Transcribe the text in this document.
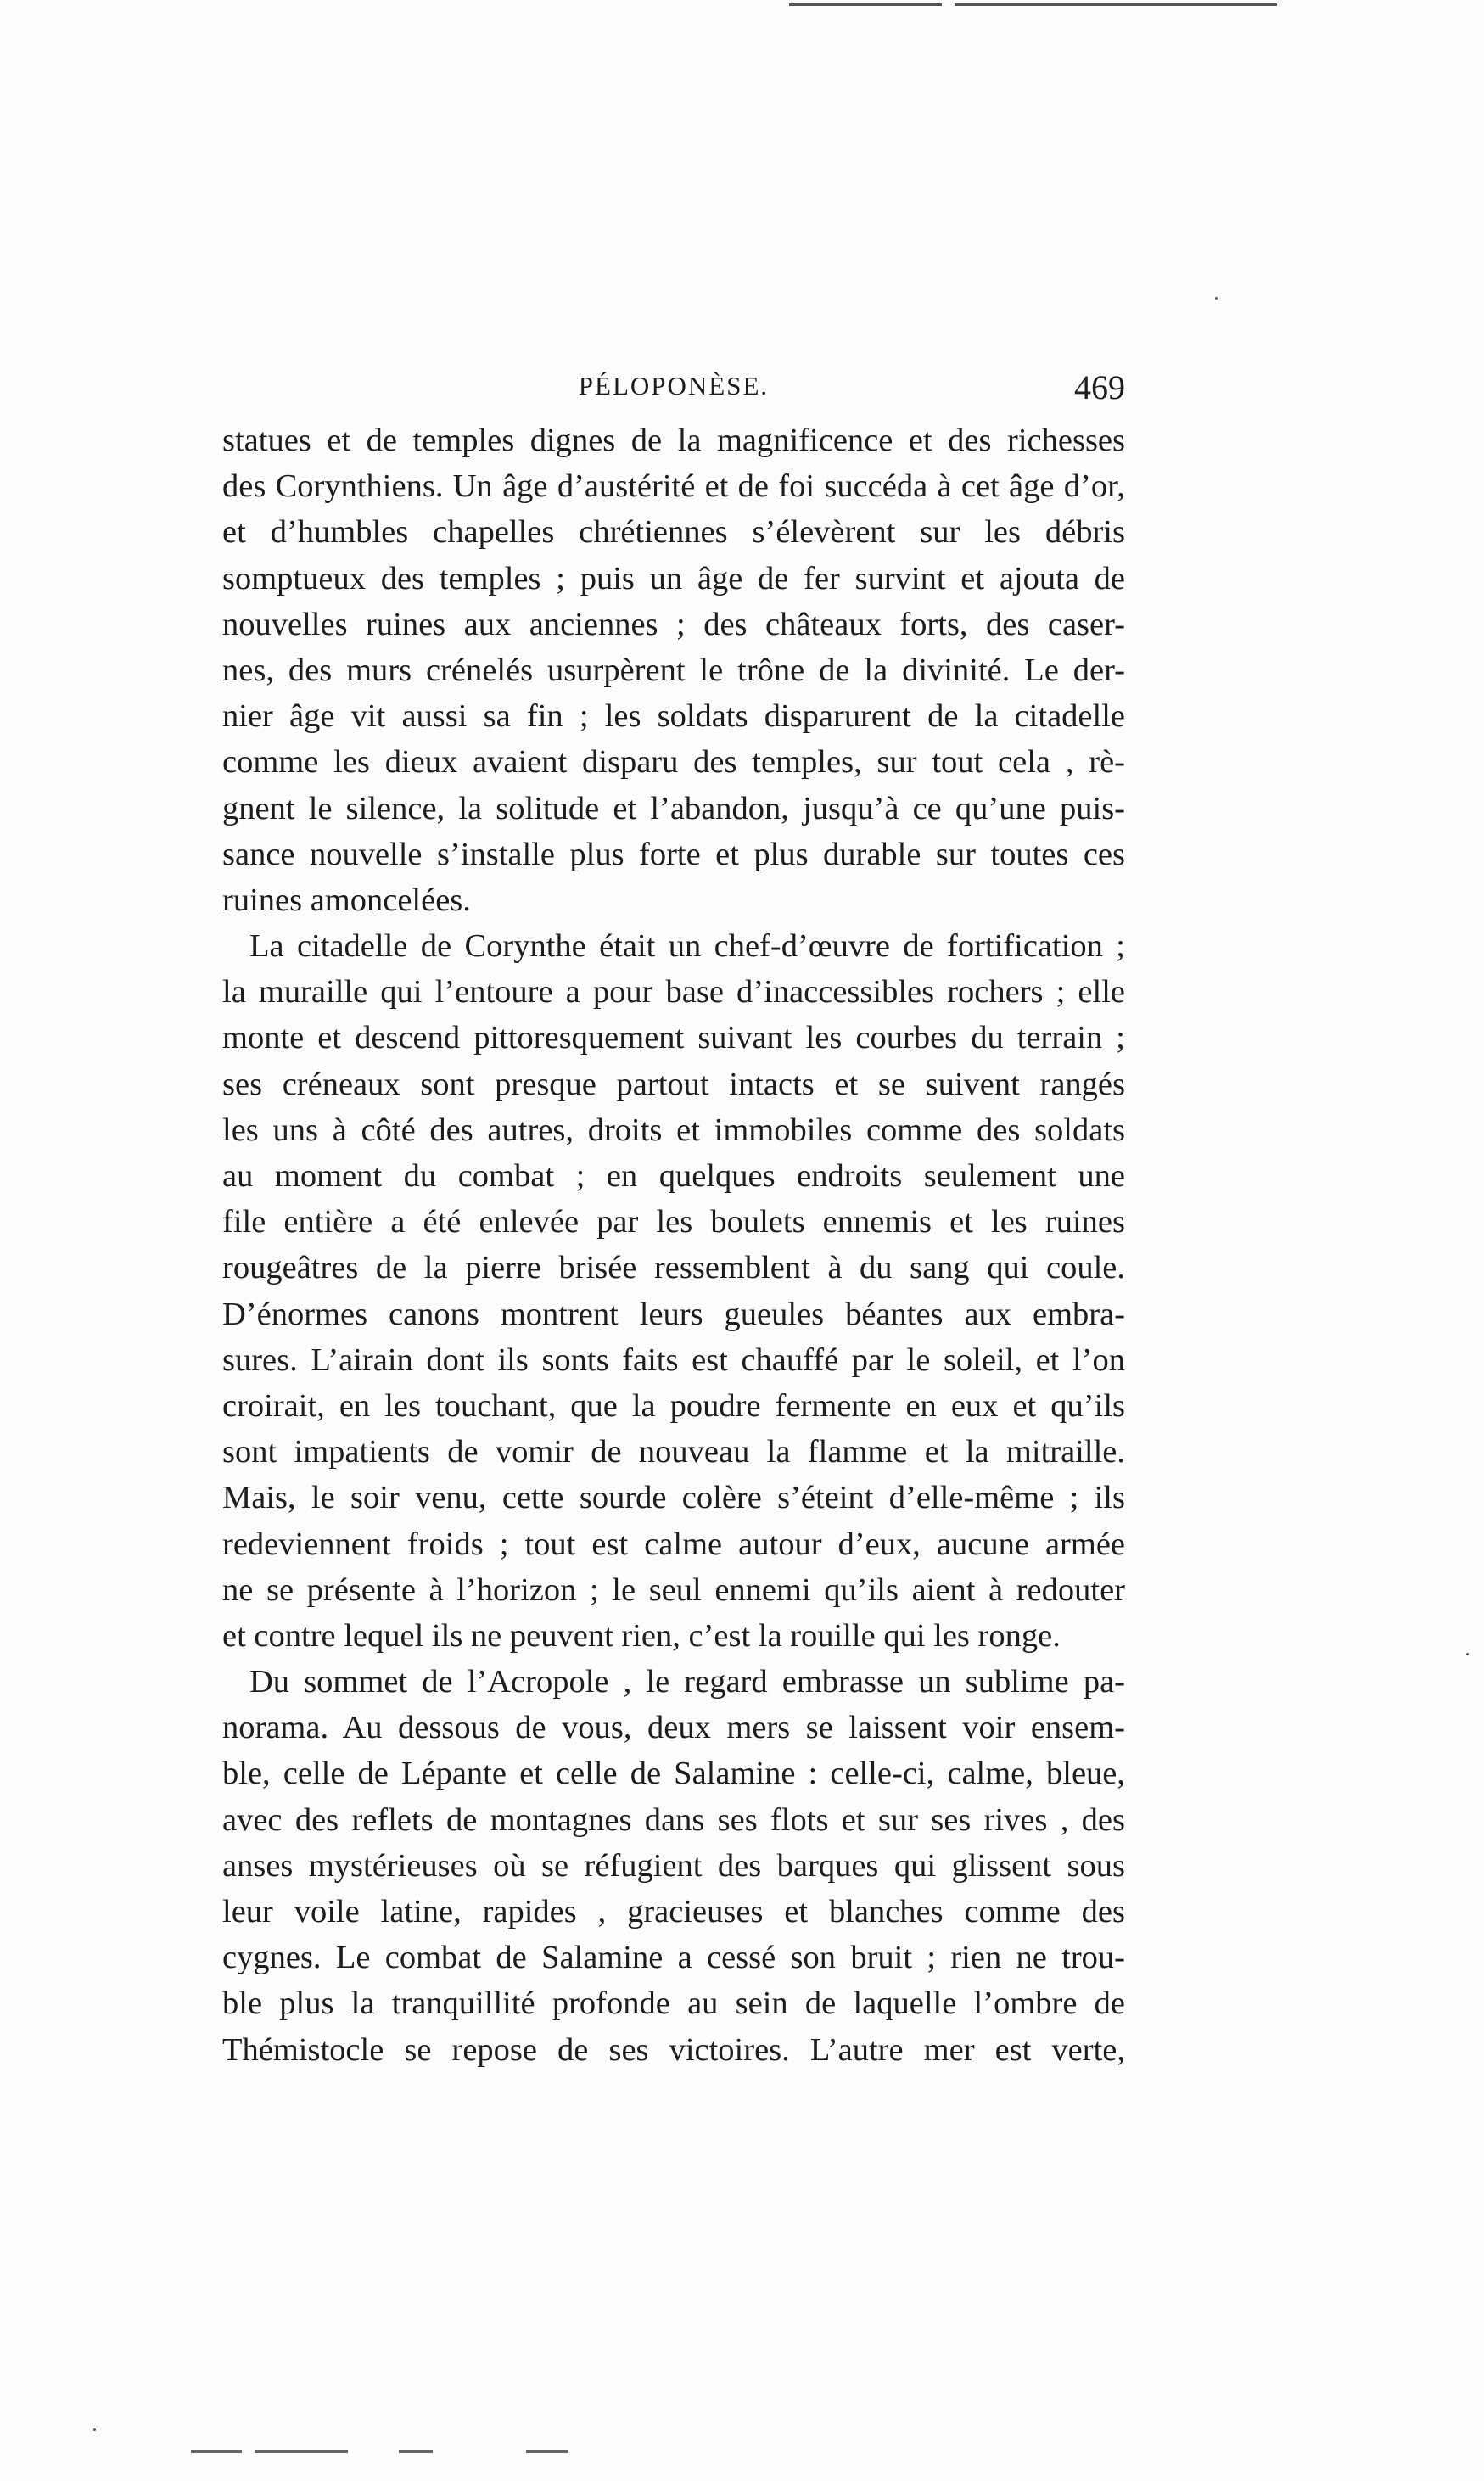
PÉLOPONÈSE.	469
statues et de temples dignes de la magnificence et des richesses
des Corynthiens. Un âge d’austérité et de foi succéda à cet âge d’or,
et d’humbles chapelles chrétiennes s’élevèrent sur les débris
somptueux des temples ; puis un âge de fer survint et ajouta de
nouvelles ruines aux anciennes ; des châteaux forts, des caser-
nes, des murs crénelés usurpèrent le trône de la divinité. Le der-
nier âge vit aussi sa fin ; les soldats disparurent de la citadelle
comme les dieux avaient disparu des temples, sur tout cela , rè-
gnent le silence, la solitude et l’abandon, jusqu’à ce qu’une puis-
sance nouvelle s’installe plus forte et plus durable sur toutes ces
ruines amoncelées.
La citadelle de Corynthe était un chef-d’œuvre de fortification ;
la muraille qui l’entoure a pour base d’inaccessibles rochers ; elle
monte et descend pittoresquement suivant les courbes du terrain ;
ses créneaux sont presque partout intacts et se suivent rangés
les uns à côté des autres, droits et immobiles comme des soldats
au moment du combat ; en quelques endroits seulement une
file entière a été enlevée par les boulets ennemis et les ruines
rougeâtres de la pierre brisée ressemblent à du sang qui coule.
D’énormes canons montrent leurs gueules béantes aux embra-
sures. L’airain dont ils sonts faits est chauffé par le soleil, et l’on
croirait, en les touchant, que la poudre fermente en eux et qu’ils
sont impatients de vomir de nouveau la flamme et la mitraille.
Mais, le soir venu, cette sourde colère s’éteint d’elle-même ; ils
redeviennent froids ; tout est calme autour d’eux, aucune armée
ne se présente à l’horizon ; le seul ennemi qu’ils aient à redouter
et contre lequel ils ne peuvent rien, c’est la rouille qui les ronge.
Du sommet de l’Acropole , le regard embrasse un sublime pa-
norama. Au dessous de vous, deux mers se laissent voir ensem-
ble, celle de Lépante et celle de Salamine : celle-ci, calme, bleue,
avec des reflets de montagnes dans ses flots et sur ses rives , des
anses mystérieuses où se réfugient des barques qui glissent sous
leur voile latine, rapides , gracieuses et blanches comme des
cygnes. Le combat de Salamine a cessé son bruit ; rien ne trou-
ble plus la tranquillité profonde au sein de laquelle l’ombre de
Thémistocle se repose de ses victoires. L’autre mer est verte,
